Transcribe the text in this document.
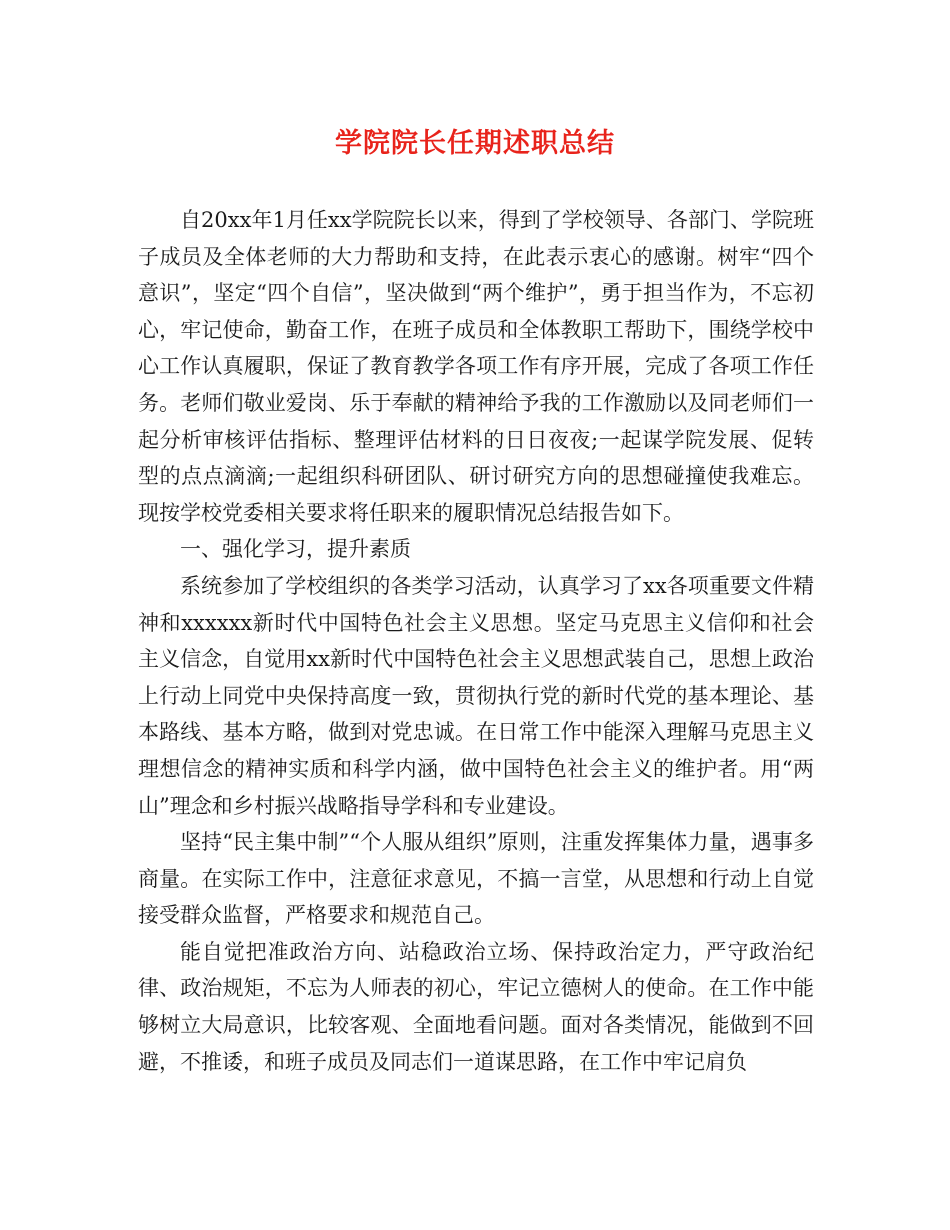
学院院长任期述职总结

自20xx年1月任xx学院院长以来，得到了学校领导、各部门、学院班子成员及全体老师的大力帮助和支持，在此表示衷心的感谢。树牢“四个意识”，坚定“四个自信”，坚决做到“两个维护”，勇于担当作为，不忘初心，牢记使命，勤奋工作，在班子成员和全体教职工帮助下，围绕学校中心工作认真履职，保证了教育教学各项工作有序开展，完成了各项工作任务。老师们敬业爱岗、乐于奉献的精神给予我的工作激励以及同老师们一起分析审核评估指标、整理评估材料的日日夜夜;一起谋学院发展、促转型的点点滴滴;一起组织科研团队、研讨研究方向的思想碰撞使我难忘。现按学校党委相关要求将任职来的履职情况总结报告如下。

一、强化学习，提升素质

系统参加了学校组织的各类学习活动，认真学习了xx各项重要文件精神和xxxxxx新时代中国特色社会主义思想。坚定马克思主义信仰和社会主义信念，自觉用xx新时代中国特色社会主义思想武装自己，思想上政治上行动上同党中央保持高度一致，贯彻执行党的新时代党的基本理论、基本路线、基本方略，做到对党忠诚。在日常工作中能深入理解马克思主义理想信念的精神实质和科学内涵，做中国特色社会主义的维护者。用“两山”理念和乡村振兴战略指导学科和专业建设。

坚持“民主集中制”“个人服从组织”原则，注重发挥集体力量，遇事多商量。在实际工作中，注意征求意见，不搞一言堂，从思想和行动上自觉接受群众监督，严格要求和规范自己。

能自觉把准政治方向、站稳政治立场、保持政治定力，严守政治纪律、政治规矩，不忘为人师表的初心，牢记立德树人的使命。在工作中能够树立大局意识，比较客观、全面地看问题。面对各类情况，能做到不回避，不推诿，和班子成员及同志们一道谋思路，在工作中牢记肩负
